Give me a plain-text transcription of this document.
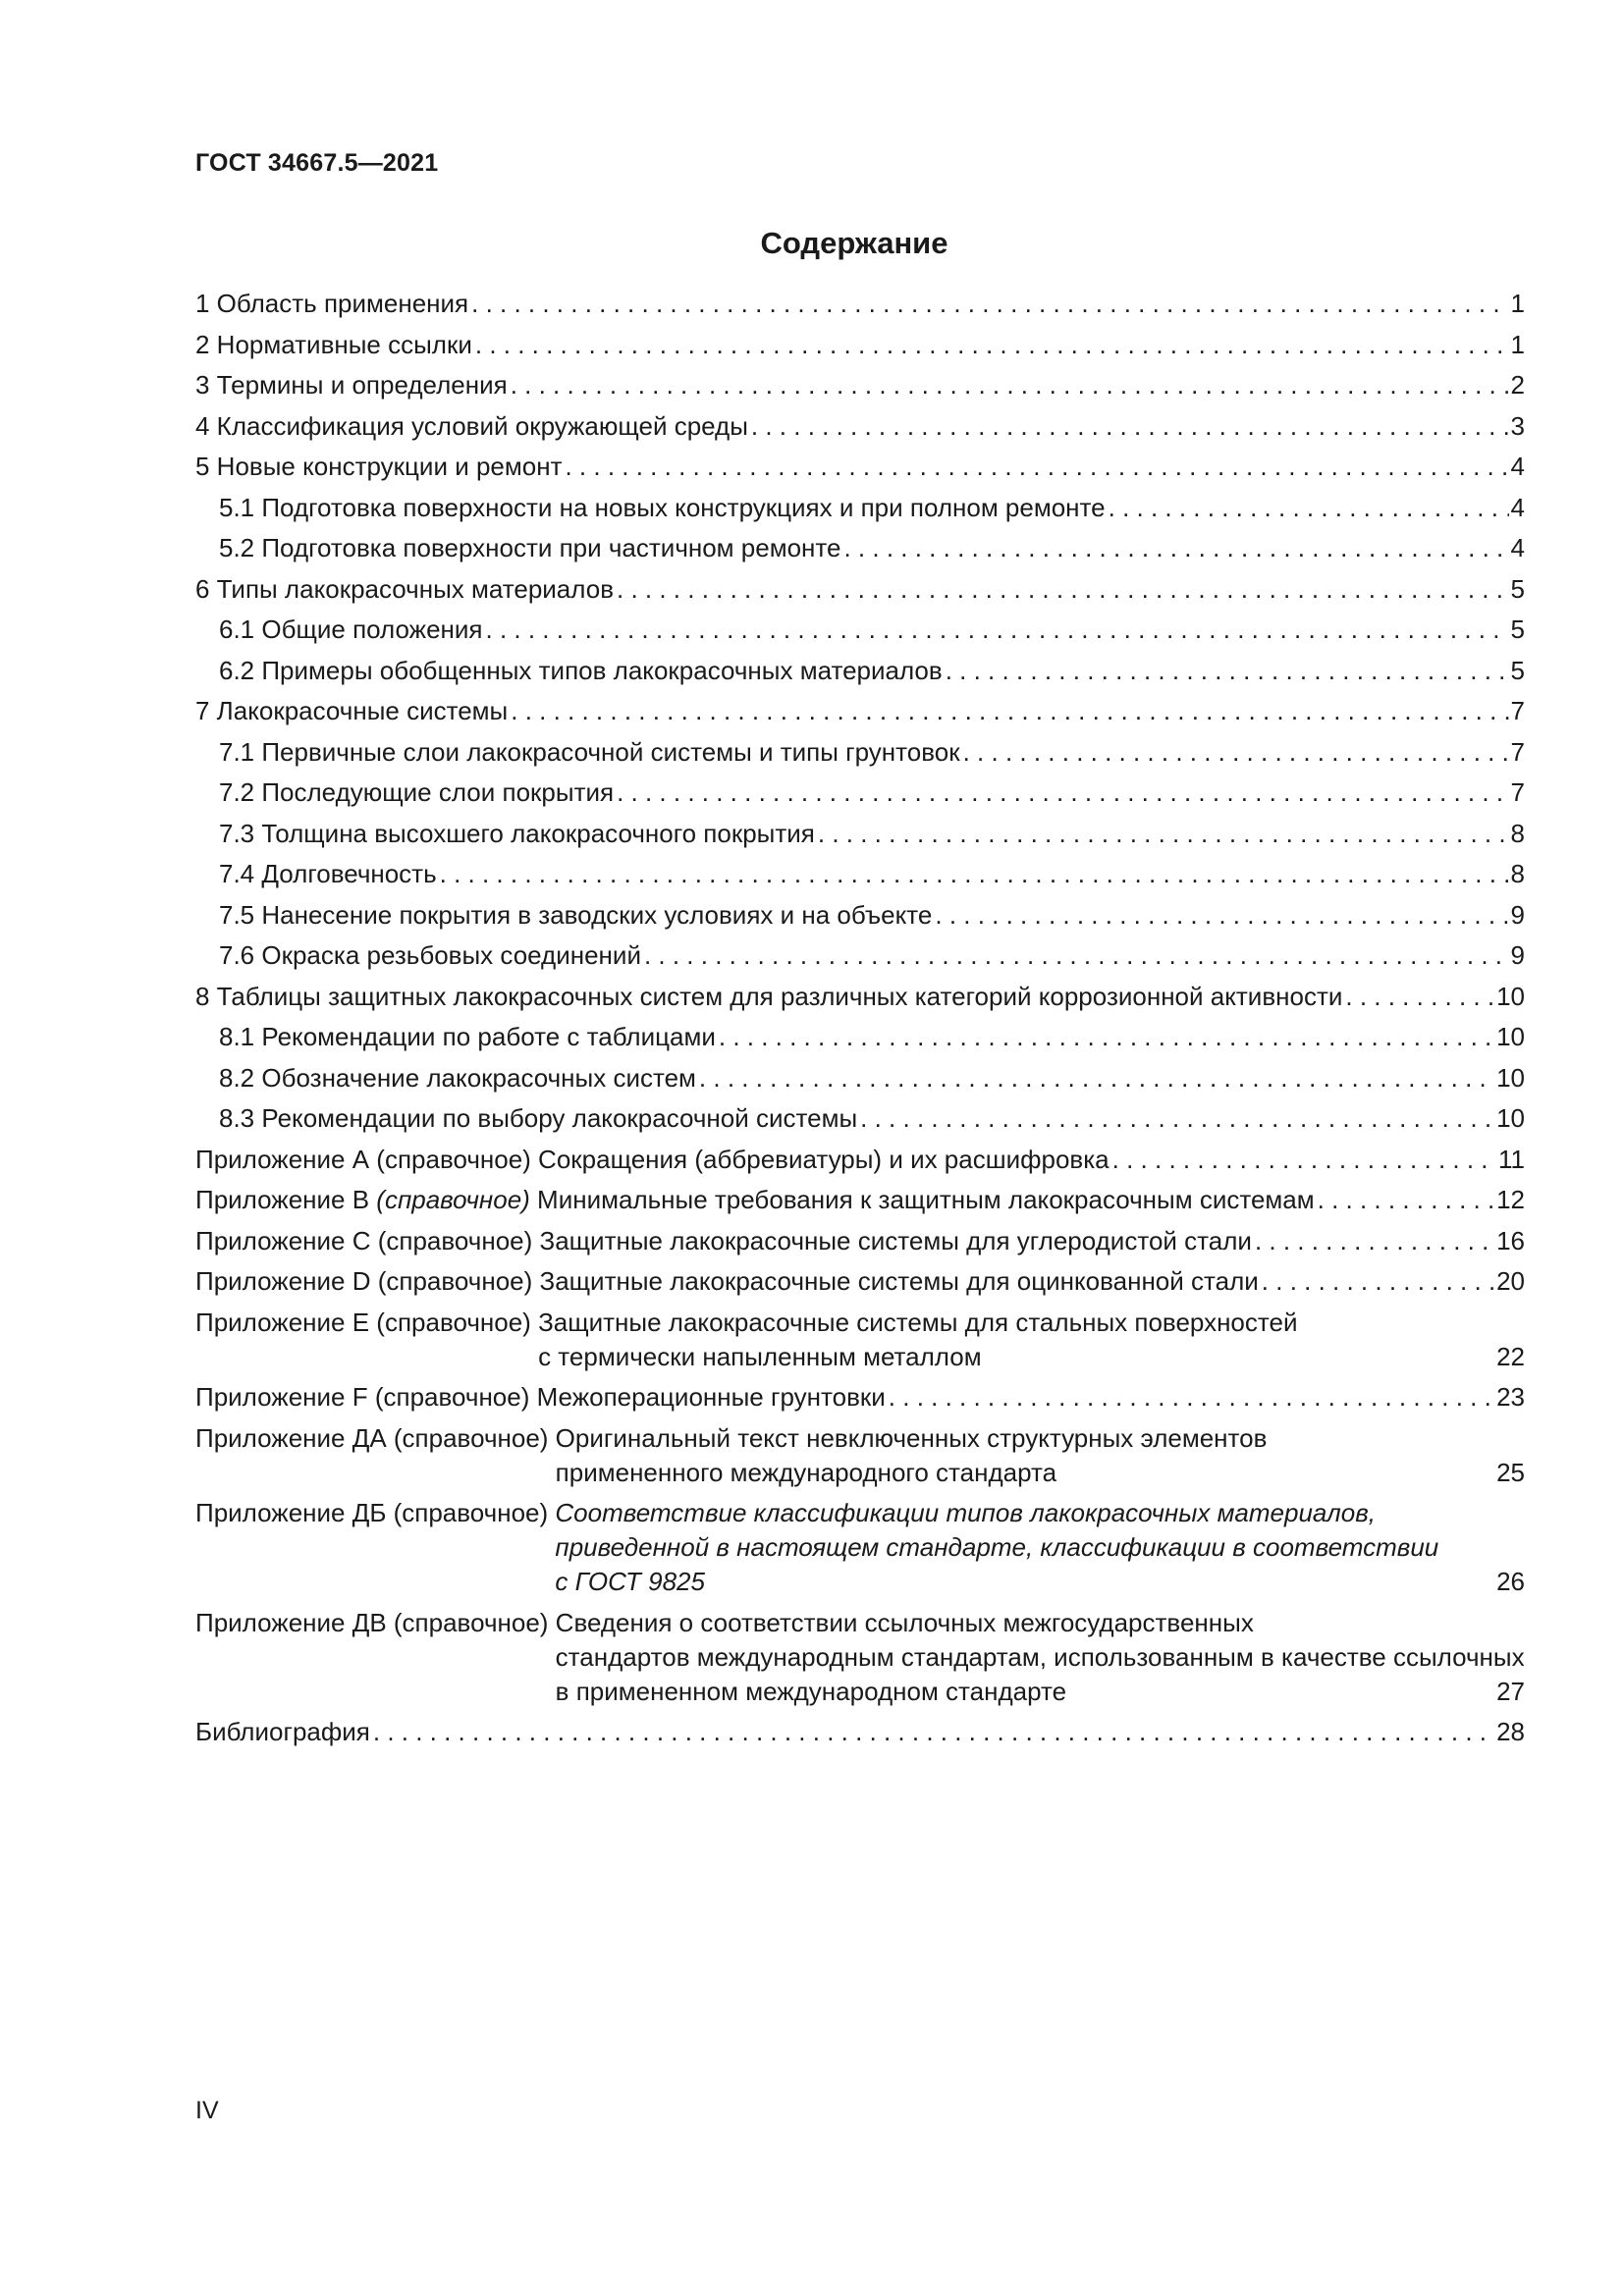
ГОСТ 34667.5—2021
Содержание
1 Область применения . . .	1
2 Нормативные ссылки . . .	1
3 Термины и определения . . .	2
4 Классификация условий окружающей среды . . .	3
5 Новые конструкции и ремонт . . .	4
5.1 Подготовка поверхности на новых конструкциях и при полном ремонте . . .	4
5.2 Подготовка поверхности при частичном ремонте . . .	4
6 Типы лакокрасочных материалов . . .	5
6.1 Общие положения . . .	5
6.2 Примеры обобщенных типов лакокрасочных материалов . . .	5
7 Лакокрасочные системы . . .	7
7.1 Первичные слои лакокрасочной системы и типы грунтовок . . .	7
7.2 Последующие слои покрытия . . .	7
7.3 Толщина высохшего лакокрасочного покрытия . . .	8
7.4 Долговечность . . .	8
7.5 Нанесение покрытия в заводских условиях и на объекте . . .	9
7.6 Окраска резьбовых соединений . . .	9
8 Таблицы защитных лакокрасочных систем для различных категорий коррозионной активности . . .	10
8.1 Рекомендации по работе с таблицами . . .	10
8.2 Обозначение лакокрасочных систем . . .	10
8.3 Рекомендации по выбору лакокрасочной системы . . .	10
Приложение А (справочное) Сокращения (аббревиатуры) и их расшифровка . . .	11
Приложение В (справочное) Минимальные требования к защитным лакокрасочным системам . . .	12
Приложение С (справочное) Защитные лакокрасочные системы для углеродистой стали . . .	16
Приложение D (справочное) Защитные лакокрасочные системы для оцинкованной стали . . .	20
Приложение Е (справочное) Защитные лакокрасочные системы для стальных поверхностей
с термически напыленным металлом	22
Приложение F (справочное) Межоперационные грунтовки . . .	23
Приложение ДА (справочное) Оригинальный текст невключенных структурных элементов
примененного международного стандарта	25
Приложение ДБ (справочное) Соответствие классификации типов лакокрасочных материалов,
приведенной в настоящем стандарте, классификации в соответствии
с ГОСТ 9825	26
Приложение ДВ (справочное) Сведения о соответствии ссылочных межгосударственных
стандартов международным стандартам, использованным в качестве ссылочных
в примененном международном стандарте	27
Библиография . . .	28
IV
